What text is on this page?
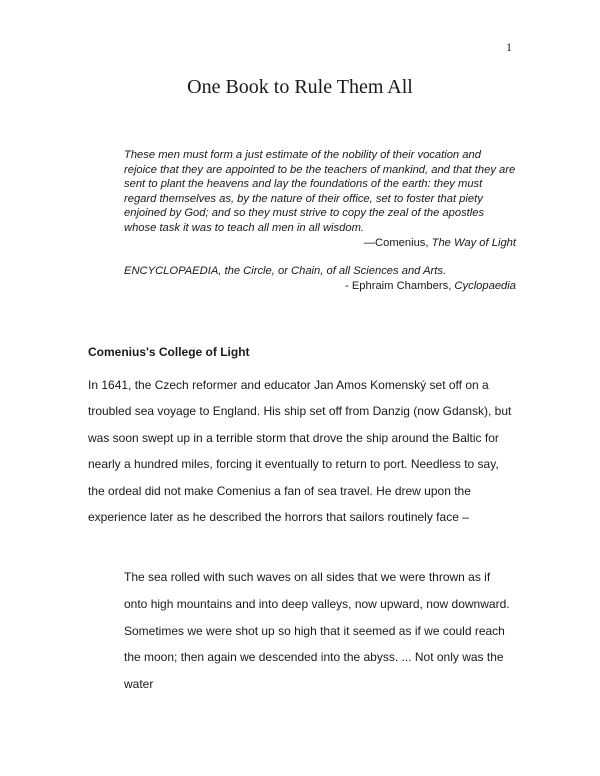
1
One Book to Rule Them All

These men must form a just estimate of the nobility of their vocation and rejoice that they are appointed to be the teachers of mankind, and that they are sent to plant the heavens and lay the foundations of the earth: they must regard themselves as, by the nature of their office, set to foster that piety enjoined by God; and so they must strive to copy the zeal of the apostles whose task it was to teach all men in all wisdom.

—Comenius, The Way of Light

ENCYCLOPAEDIA, the Circle, or Chain, of all Sciences and Arts.

- Ephraim Chambers, Cyclopaedia

Comenius's College of Light

In 1641, the Czech reformer and educator Jan Amos Komenský set off on a troubled sea voyage to England. His ship set off from Danzig (now Gdansk), but was soon swept up in a terrible storm that drove the ship around the Baltic for nearly a hundred miles, forcing it eventually to return to port. Needless to say, the ordeal did not make Comenius a fan of sea travel. He drew upon the experience later as he described the horrors that sailors routinely face –

The sea rolled with such waves on all sides that we were thrown as if onto high mountains and into deep valleys, now upward, now downward. Sometimes we were shot up so high that it seemed as if we could reach the moon; then again we descended into the abyss. ... Not only was the water
